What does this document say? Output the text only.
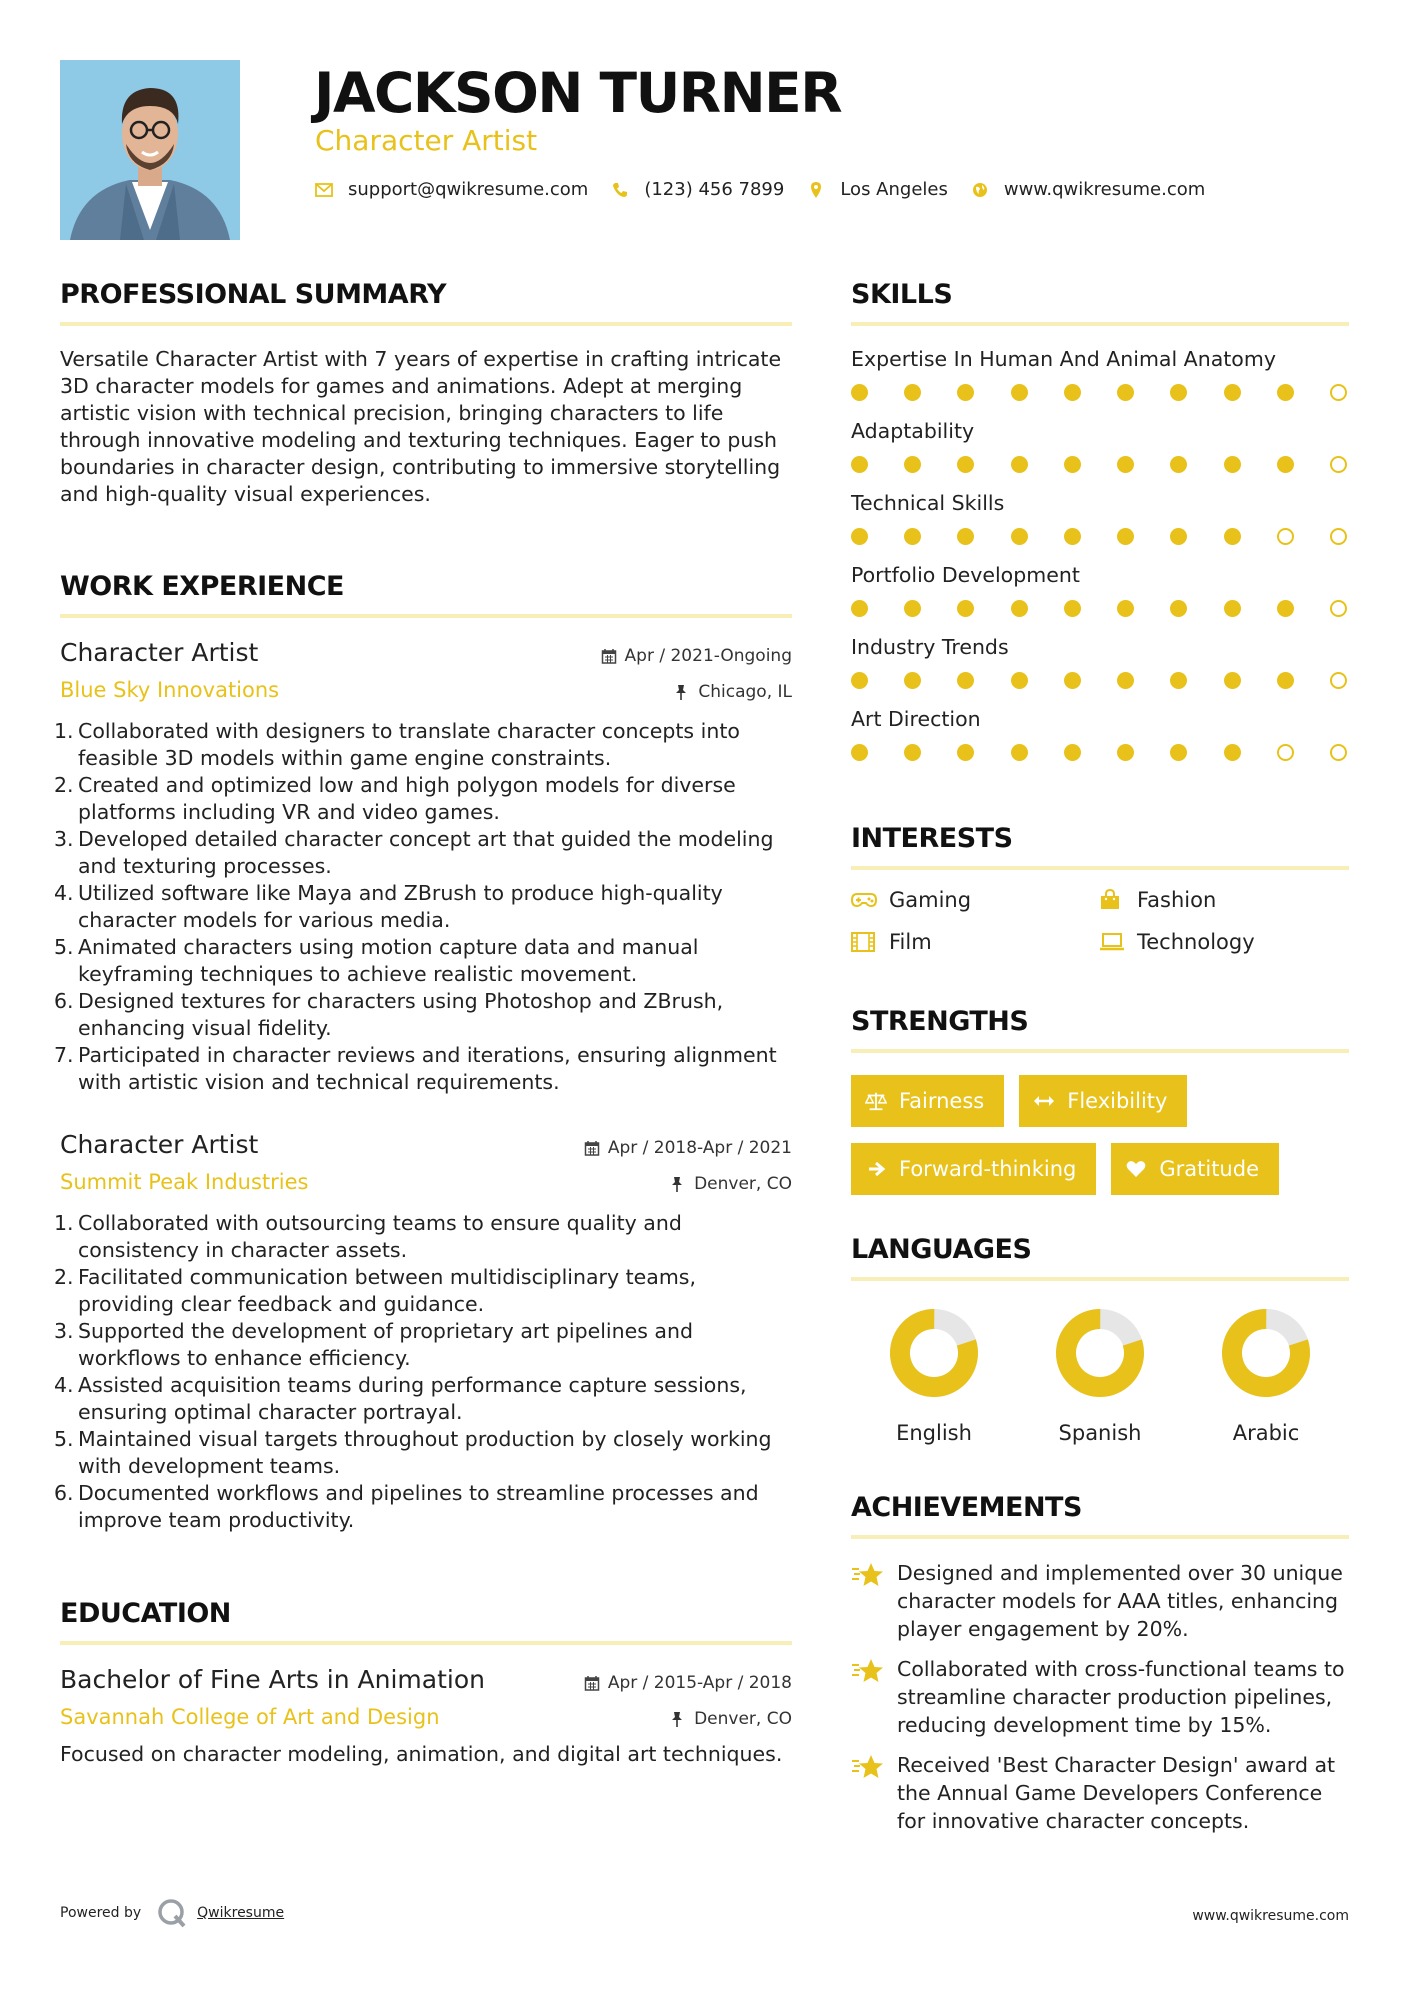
JACKSON TURNER
Character Artist
support@qwikresume.com	(123) 456 7899	Los Angeles	www.qwikresume.com
PROFESSIONAL SUMMARY
Versatile Character Artist with 7 years of expertise in crafting intricate 3D character models for games and animations. Adept at merging artistic vision with technical precision, bringing characters to life through innovative modeling and texturing techniques. Eager to push boundaries in character design, contributing to immersive storytelling and high-quality visual experiences.
WORK EXPERIENCE
Character Artist	Apr / 2021-Ongoing
Blue Sky Innovations	Chicago, IL
1. Collaborated with designers to translate character concepts into feasible 3D models within game engine constraints.
2. Created and optimized low and high polygon models for diverse platforms including VR and video games.
3. Developed detailed character concept art that guided the modeling and texturing processes.
4. Utilized software like Maya and ZBrush to produce high-quality character models for various media.
5. Animated characters using motion capture data and manual keyframing techniques to achieve realistic movement.
6. Designed textures for characters using Photoshop and ZBrush, enhancing visual fidelity.
7. Participated in character reviews and iterations, ensuring alignment with artistic vision and technical requirements.
Character Artist	Apr / 2018-Apr / 2021
Summit Peak Industries	Denver, CO
1. Collaborated with outsourcing teams to ensure quality and consistency in character assets.
2. Facilitated communication between multidisciplinary teams, providing clear feedback and guidance.
3. Supported the development of proprietary art pipelines and workflows to enhance efficiency.
4. Assisted acquisition teams during performance capture sessions, ensuring optimal character portrayal.
5. Maintained visual targets throughout production by closely working with development teams.
6. Documented workflows and pipelines to streamline processes and improve team productivity.
EDUCATION
Bachelor of Fine Arts in Animation	Apr / 2015-Apr / 2018
Savannah College of Art and Design	Denver, CO
Focused on character modeling, animation, and digital art techniques.
SKILLS
Expertise In Human And Animal Anatomy
Adaptability
Technical Skills
Portfolio Development
Industry Trends
Art Direction
INTERESTS
Gaming	Fashion
Film	Technology
STRENGTHS
Fairness	Flexibility
Forward-thinking	Gratitude
LANGUAGES
English	Spanish	Arabic
ACHIEVEMENTS
Designed and implemented over 30 unique character models for AAA titles, enhancing player engagement by 20%.
Collaborated with cross-functional teams to streamline character production pipelines, reducing development time by 15%.
Received 'Best Character Design' award at the Annual Game Developers Conference for innovative character concepts.
Powered by	Qwikresume	www.qwikresume.com
